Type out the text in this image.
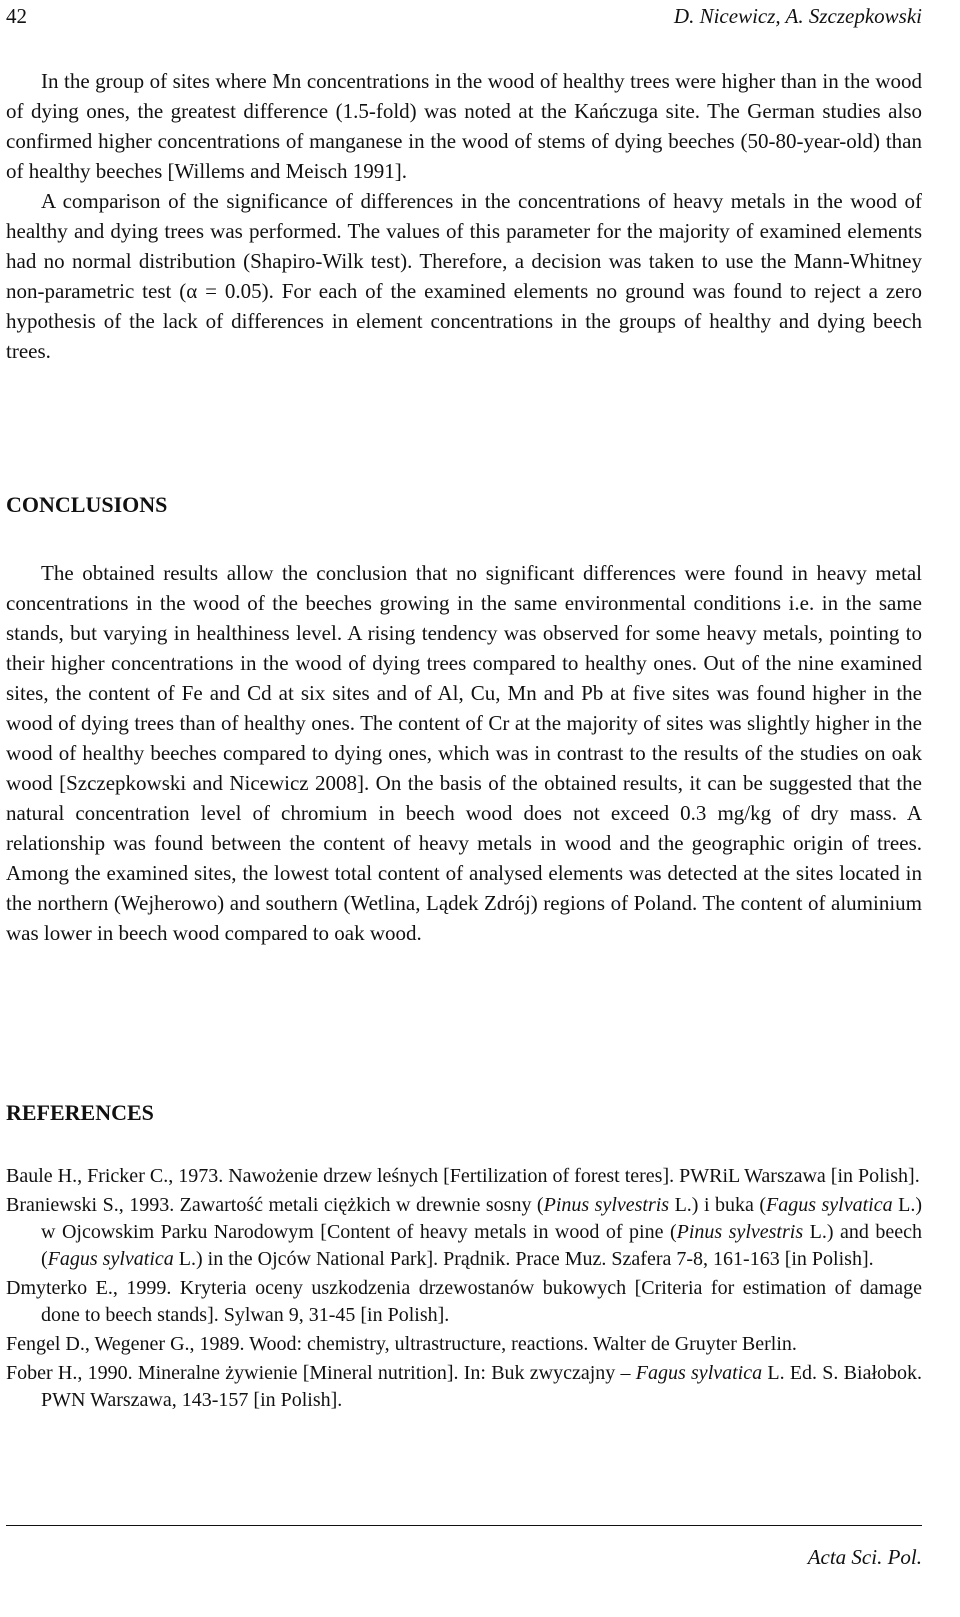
42	D. Nicewicz, A. Szczepkowski

In the group of sites where Mn concentrations in the wood of healthy trees were higher than in the wood of dying ones, the greatest difference (1.5-fold) was noted at the Kańczuga site. The German studies also confirmed higher concentrations of manganese in the wood of stems of dying beeches (50-80-year-old) than of healthy beeches [Willems and Meisch 1991].

A comparison of the significance of differences in the concentrations of heavy metals in the wood of healthy and dying trees was performed. The values of this parameter for the majority of examined elements had no normal distribution (Shapiro-Wilk test). Therefore, a decision was taken to use the Mann-Whitney non-parametric test (α = 0.05). For each of the examined elements no ground was found to reject a zero hypothesis of the lack of differences in element concentrations in the groups of healthy and dying beech trees.

CONCLUSIONS

The obtained results allow the conclusion that no significant differences were found in heavy metal concentrations in the wood of the beeches growing in the same environmental conditions i.e. in the same stands, but varying in healthiness level. A rising tendency was observed for some heavy metals, pointing to their higher concentrations in the wood of dying trees compared to healthy ones. Out of the nine examined sites, the content of Fe and Cd at six sites and of Al, Cu, Mn and Pb at five sites was found higher in the wood of dying trees than of healthy ones. The content of Cr at the majority of sites was slightly higher in the wood of healthy beeches compared to dying ones, which was in contrast to the results of the studies on oak wood [Szczepkowski and Nicewicz 2008]. On the basis of the obtained results, it can be suggested that the natural concentration level of chromium in beech wood does not exceed 0.3 mg/kg of dry mass. A relationship was found between the content of heavy metals in wood and the geographic origin of trees. Among the examined sites, the lowest total content of analysed elements was detected at the sites located in the northern (Wejherowo) and southern (Wetlina, Lądek Zdrój) regions of Poland. The content of aluminium was lower in beech wood compared to oak wood.

REFERENCES

Baule H., Fricker C., 1973. Nawożenie drzew leśnych [Fertilization of forest teres]. PWRiL Warszawa [in Polish].

Braniewski S., 1993. Zawartość metali ciężkich w drewnie sosny (Pinus sylvestris L.) i buka (Fagus sylvatica L.) w Ojcowskim Parku Narodowym [Content of heavy metals in wood of pine (Pinus sylvestris L.) and beech (Fagus sylvatica L.) in the Ojców National Park]. Prądnik. Prace Muz. Szafera 7-8, 161-163 [in Polish].

Dmyterko E., 1999. Kryteria oceny uszkodzenia drzewostanów bukowych [Criteria for estimation of damage done to beech stands]. Sylwan 9, 31-45 [in Polish].

Fengel D., Wegener G., 1989. Wood: chemistry, ultrastructure, reactions. Walter de Gruyter Berlin.

Fober H., 1990. Mineralne żywienie [Mineral nutrition]. In: Buk zwyczajny – Fagus sylvatica L. Ed. S. Białobok. PWN Warszawa, 143-157 [in Polish].

Acta Sci. Pol.
